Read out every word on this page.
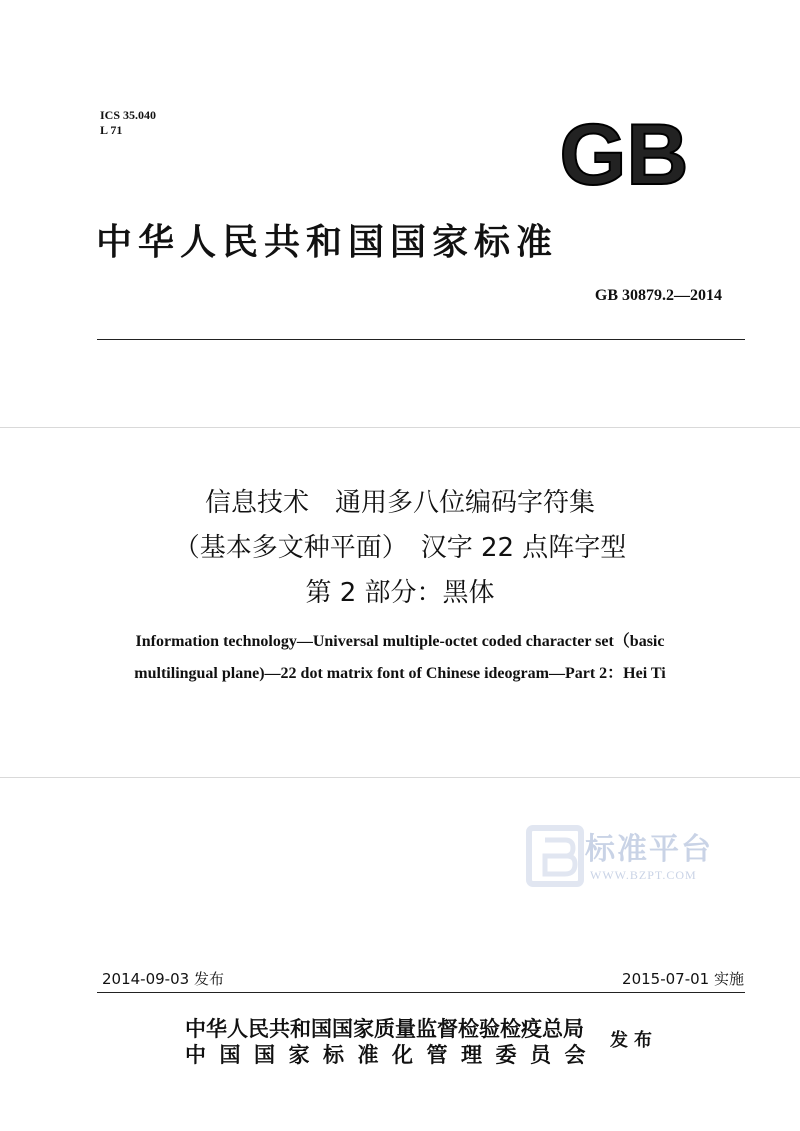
ICS 35.040
L 71	GB
中华人民共和国国家标准
GB 30879.2—2014
信息技术　通用多八位编码字符集
（基本多文种平面）　汉字 22 点阵字型
第 2 部分：黑体
Information technology—Universal multiple-octet coded character set（basic
multilingual plane)—22 dot matrix font of Chinese ideogram—Part 2：Hei Ti
标准平台
WWW.BZPT.COM
2014-09-03 发布	2015-07-01 实施
中华人民共和国国家质量监督检验检疫总局
中国国家标准化管理委员会
发布
